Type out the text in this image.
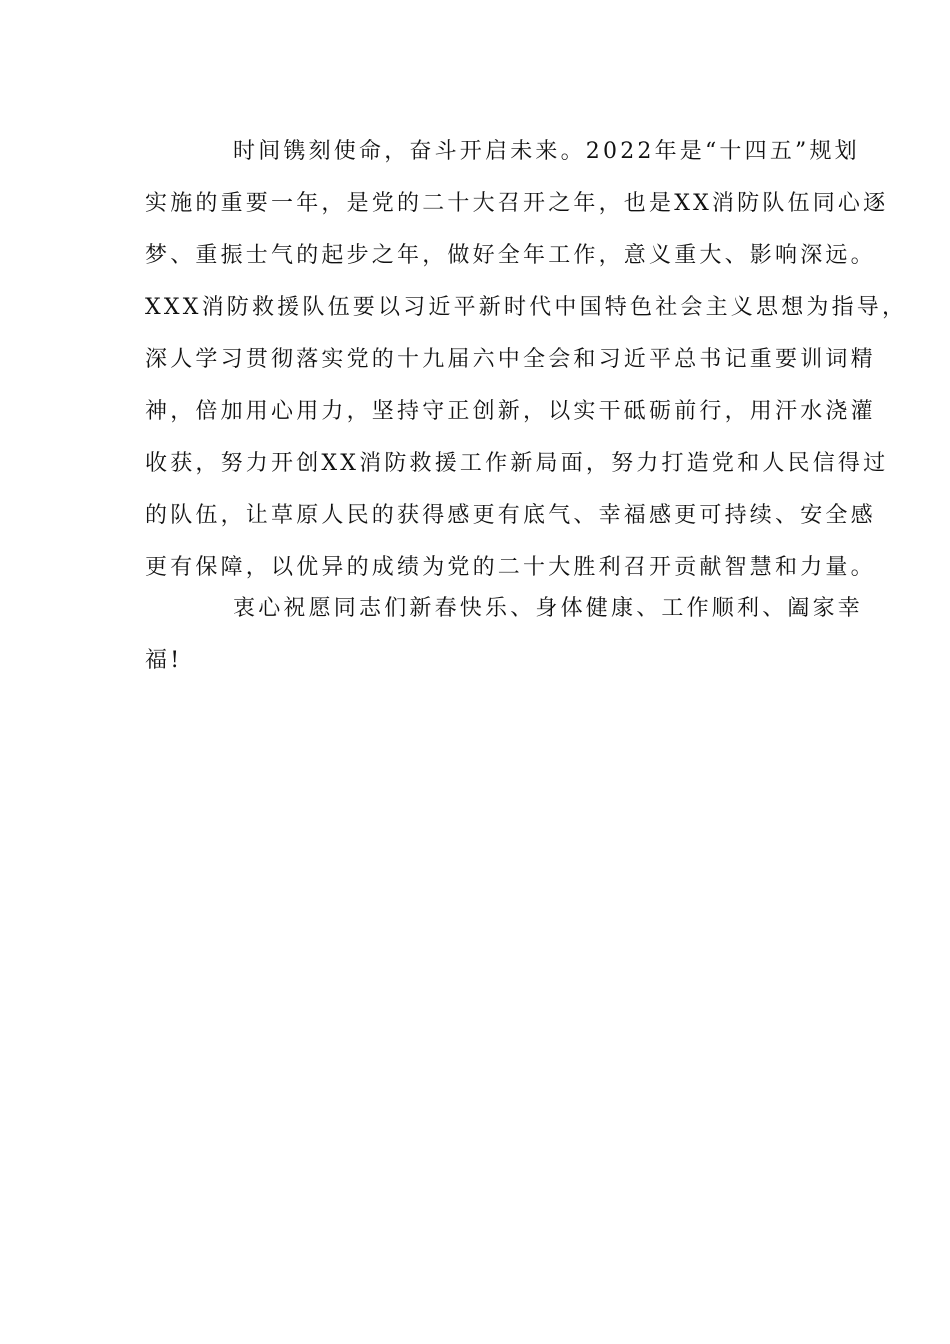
时间镌刻使命，奋斗开启未来。2022年是“十四五”规划
实施的重要一年，是党的二十大召开之年，也是XX消防队伍同心逐
梦、重振士气的起步之年，做好全年工作，意义重大、影响深远。
XXX消防救援队伍要以习近平新时代中国特色社会主义思想为指导，
深人学习贯彻落实党的十九届六中全会和习近平总书记重要训词精
神，倍加用心用力，坚持守正创新，以实干砥砺前行，用汗水浇灌
收获，努力开创XX消防救援工作新局面，努力打造党和人民信得过
的队伍，让草原人民的获得感更有底气、幸福感更可持续、安全感
更有保障，以优异的成绩为党的二十大胜利召开贡献智慧和力量。
衷心祝愿同志们新春快乐、身体健康、工作顺利、阖家幸
福!
